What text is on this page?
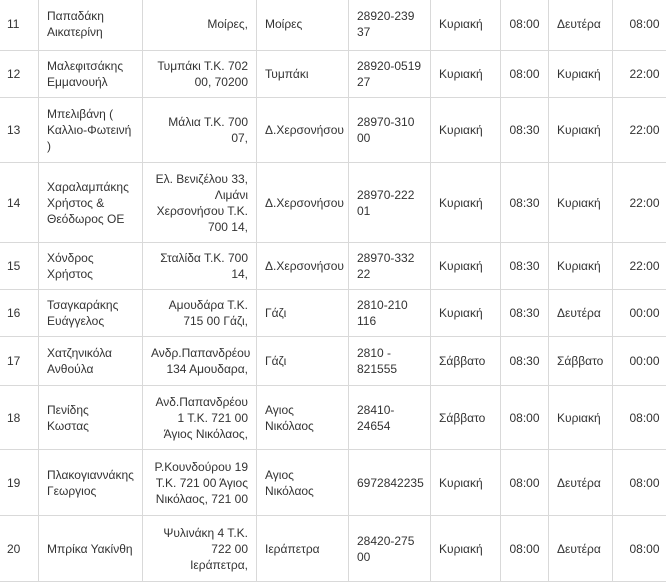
11	Παπαδάκη
Αικατερίνη	Μοίρες,	Μοίρες	28920-239
37	Κυριακή	08:00	Δευτέρα	08:00
12	Μαλεφιτσάκης
Εμμανουήλ	Τυμπάκι Τ.Κ. 702
00, 70200	Τυμπάκι	28920-0519
27	Κυριακή	08:00	Κυριακή	22:00
13	Μπελιβάνη (
Καλλιο-Φωτεινή
)	Μάλια Τ.Κ. 700
07,	Δ.Χερσονήσου	28970-310
00	Κυριακή	08:30	Κυριακή	22:00
14	Χαραλαμπάκης
Χρήστος &
Θεόδωρος ΟΕ	Ελ. Βενιζέλου 33,
Λιμάνι
Χερσονήσου Τ.Κ.
700 14,	Δ.Χερσονήσου	28970-222
01	Κυριακή	08:30	Κυριακή	22:00
15	Χόνδρος
Χρήστος	Σταλίδα Τ.Κ. 700
14,	Δ.Χερσονήσου	28970-332
22	Κυριακή	08:30	Κυριακή	22:00
16	Τσαγκαράκης
Ευάγγελος	Αμουδάρα Τ.Κ.
715 00 Γάζι,	Γάζι	2810-210
116	Κυριακή	08:30	Δευτέρα	00:00
17	Χατζηνικόλα
Ανθούλα	Ανδρ.Παπανδρέου
134 Αμουδαρα,	Γάζι	2810 -
821555	Σάββατο	08:30	Σάββατο	00:00
18	Πενίδης
Κωστας	Ανδ.Παπανδρέου
1 Τ.Κ. 721 00
Άγιος Νικόλαος,	Αγιος
Νικόλαος	28410-
24654	Σάββατο	08:00	Κυριακή	08:00
19	Πλακογιαννάκης
Γεωργιος	Ρ.Κουνδούρου 19
Τ.Κ. 721 00 Άγιος
Νικόλαος, 721 00	Αγιος
Νικόλαος	6972842235	Κυριακή	08:00	Δευτέρα	08:00
20	Μπρίκα Υακίνθη	Ψυλινάκη 4 Τ.Κ.
722 00
Ιεράπετρα,	Ιεράπετρα	28420-275
00	Κυριακή	08:00	Δευτέρα	08:00
